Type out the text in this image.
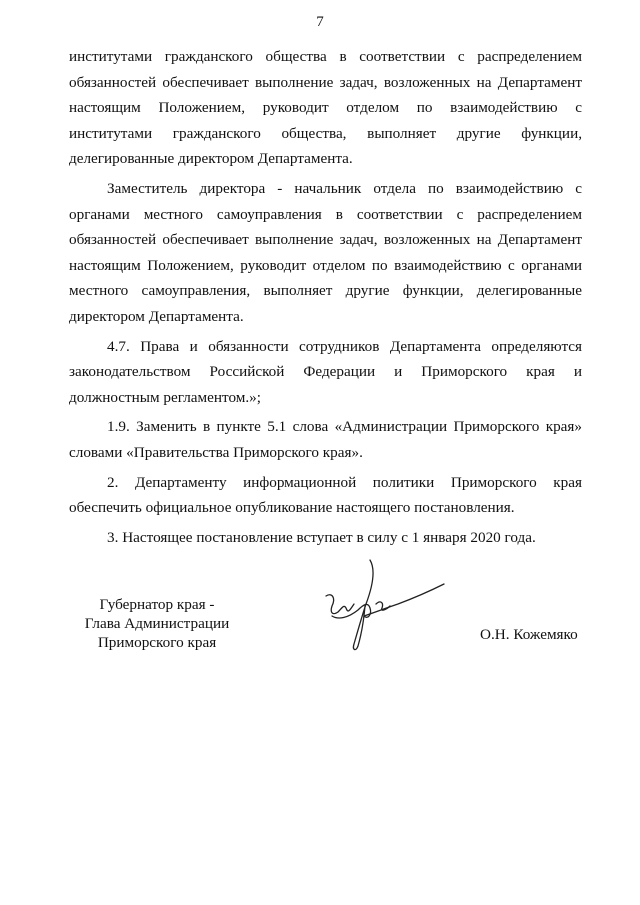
7

институтами гражданского общества в соответствии с распределением обязанностей обеспечивает выполнение задач, возложенных на Департамент настоящим Положением, руководит отделом по взаимодействию с институтами гражданского общества, выполняет другие функции, делегированные директором Департамента.

Заместитель директора - начальник отдела по взаимодействию с органами местного самоуправления в соответствии с распределением обязанностей обеспечивает выполнение задач, возложенных на Департамент настоящим Положением, руководит отделом по взаимодействию с органами местного самоуправления, выполняет другие функции, делегированные директором Департамента.

4.7. Права и обязанности сотрудников Департамента определяются законодательством Российской Федерации и Приморского края и должностным регламентом.»;

1.9. Заменить в пункте 5.1 слова «Администрации Приморского края» словами «Правительства Приморского края».

2. Департаменту информационной политики Приморского края обеспечить официальное опубликование настоящего постановления.

3. Настоящее постановление вступает в силу с 1 января 2020 года.

Губернатор края -
Глава Администрации
Приморского края	О.Н. Кожемяко
